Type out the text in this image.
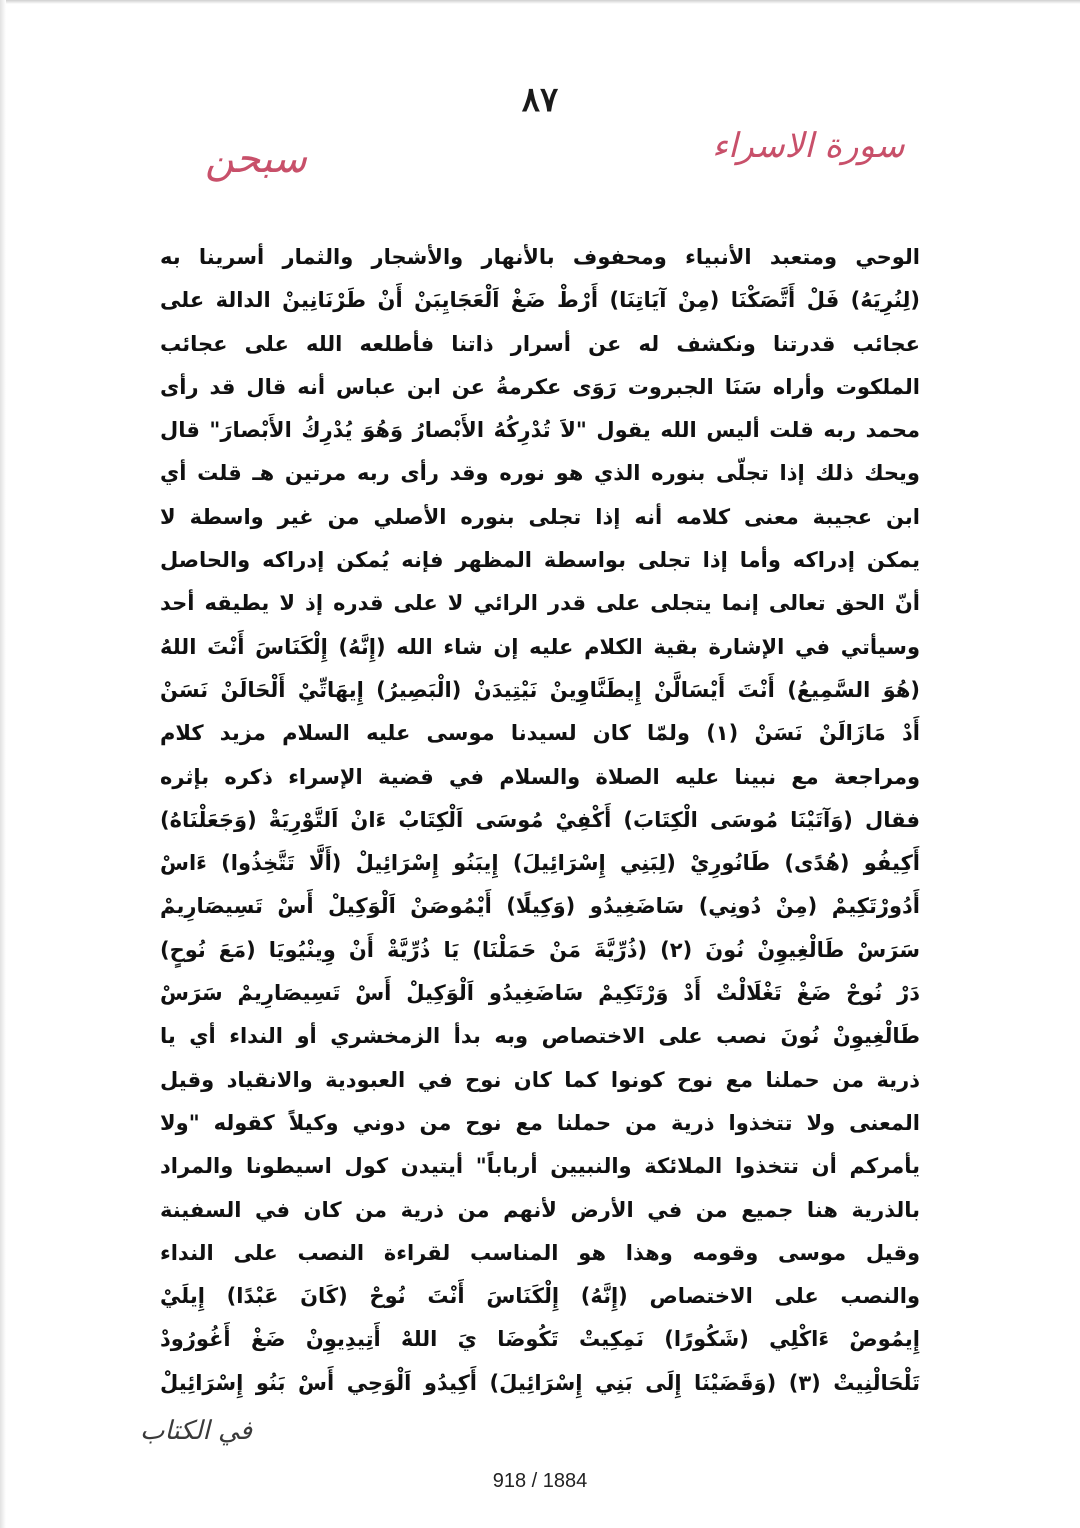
٨٧
سورة الاسراء
سبحن
الوحي ومتعبد الأنبياء ومحفوف بالأنهار والأشجار والثمار أسرينا به
(لِنُرِيَهُ) فَلْ أَتَّصَكْنَا (مِنْ آيَاتِنَا) أَرْطْ ضَغْ اَلْعَجَايِبَنْ أَنْ طَرْنَانِينْ الدالة على
عجائب قدرتنا ونكشف له عن أسرار ذاتنا فأطلعه الله على عجائب
الملكوت وأراه سَنَا الجبروت رَوَى عكرمةُ عن ابن عباس أنه قال قد رأى
محمد ربه قلت أليس الله يقول "لاَ تُدْرِكُهُ الأَبْصارُ وَهُوَ يُدْرِكُ الأَبْصارَ" قال
ويحك ذلك إذا تجلّى بنوره الذي هو نوره وقد رأى ربه مرتين هـ قلت أي
ابن عجيبة معنى كلامه أنه إذا تجلى بنوره الأصلي من غير واسطة لا
يمكن إدراكه وأما إذا تجلى بواسطة المظهر فإنه يُمكن إدراكه والحاصل
أنّ الحق تعالى إنما يتجلى على قدر الرائي لا على قدره إذ لا يطيقه أحد
وسيأتي في الإشارة بقية الكلام عليه إن شاء الله (إِنَّهُ) إِلْكَنَاسَ أَنْتَ اللهُ
(هُوَ السَّمِيعُ) أَنْتَ أَيْسَالَّنْ إِيطَنَّاوِينْ نَيْتِيدَنْ (الْبَصِيرُ) إِيهَاتِّيْ أَلْحَالَنْ نَسَنْ
أَدْ مَازَالَنْ نَسَنْ (١) ولمّا كان لسيدنا موسى عليه السلام مزيد كلام
ومراجعة مع نبينا عليه الصلاة والسلام في قضية الإسراء ذكره بإثره
فقال (وَآتَيْنَا مُوسَى الْكِتَابَ) أَكْفِيْ مُوسَى اَلْكِتَابْ ءَانْ اَلتَّوْرِيَةْ (وَجَعَلْنَاهُ)
أَكِيفُو (هُدًى) طَانُورِيْ (لِبَنِي إِسْرَائِيلَ) إِيبَنُو إِسْرَائِيلْ (أَلَّا تَتَّخِذُوا) ءَاسْ
أَدُورْتَكِيمْ (مِنْ دُونِي) سَاضَغِيدُو (وَكِيلًا) أَيْمُوصَنْ اَلْوَكِيلْ أَسْ تَسِيصَارِيمْ
سَرَسْ طَالْغِيوِنْ نُونَ (٢) (ذُرِّيَّةَ مَنْ حَمَلْنَا) يَا ذُرِّيَّةْ أَنْ وِينْيُويَا (مَعَ نُوحٍ)
دَرْ نُوحْ ضَغْ تَغْلَالْتْ أَدْ وَرْتَكِيمْ سَاضَغِيدُو اَلْوَكِيلْ أَسْ تَسِيصَارِيمْ سَرَسْ
طَالْغِيوِنْ نُونَ نصب على الاختصاص وبه بدأ الزمخشري أو النداء أي يا
ذرية من حملنا مع نوح كونوا كما كان نوح في العبودية والانقياد وقيل
المعنى ولا تتخذوا ذرية من حملنا مع نوح من دوني وكيلاً كقوله "ولا
يأمركم أن تتخذوا الملائكة والنبيين أرباباً" أيتيدن كول اسيطونا والمراد
بالذرية هنا جميع من في الأرض لأنهم من ذرية من كان في السفينة
وقيل موسى وقومه وهذا هو المناسب لقراءة النصب على النداء
والنصب على الاختصاص (إِنَّهُ) إِلْكَنَاسَ أَنْتَ نُوحْ (كَانَ عَبْدًا) إِيلَيْ
إِيمُوصْ ءَاكْلِي (شَكُورًا) نَمِكِيتْ تَكُوضَا يَ اللهْ أَتِيدِيوِنْ ضَغْ أَغُورُودْ
تَلْحَالْنِيتْ (٣) (وَقَضَيْنَا إِلَى بَنِي إِسْرَائِيلَ) أَكِيدُو اَلْوَحِي أَسْ بَنُو إِسْرَائِيلْ
في الكتاب
918 / 1884
